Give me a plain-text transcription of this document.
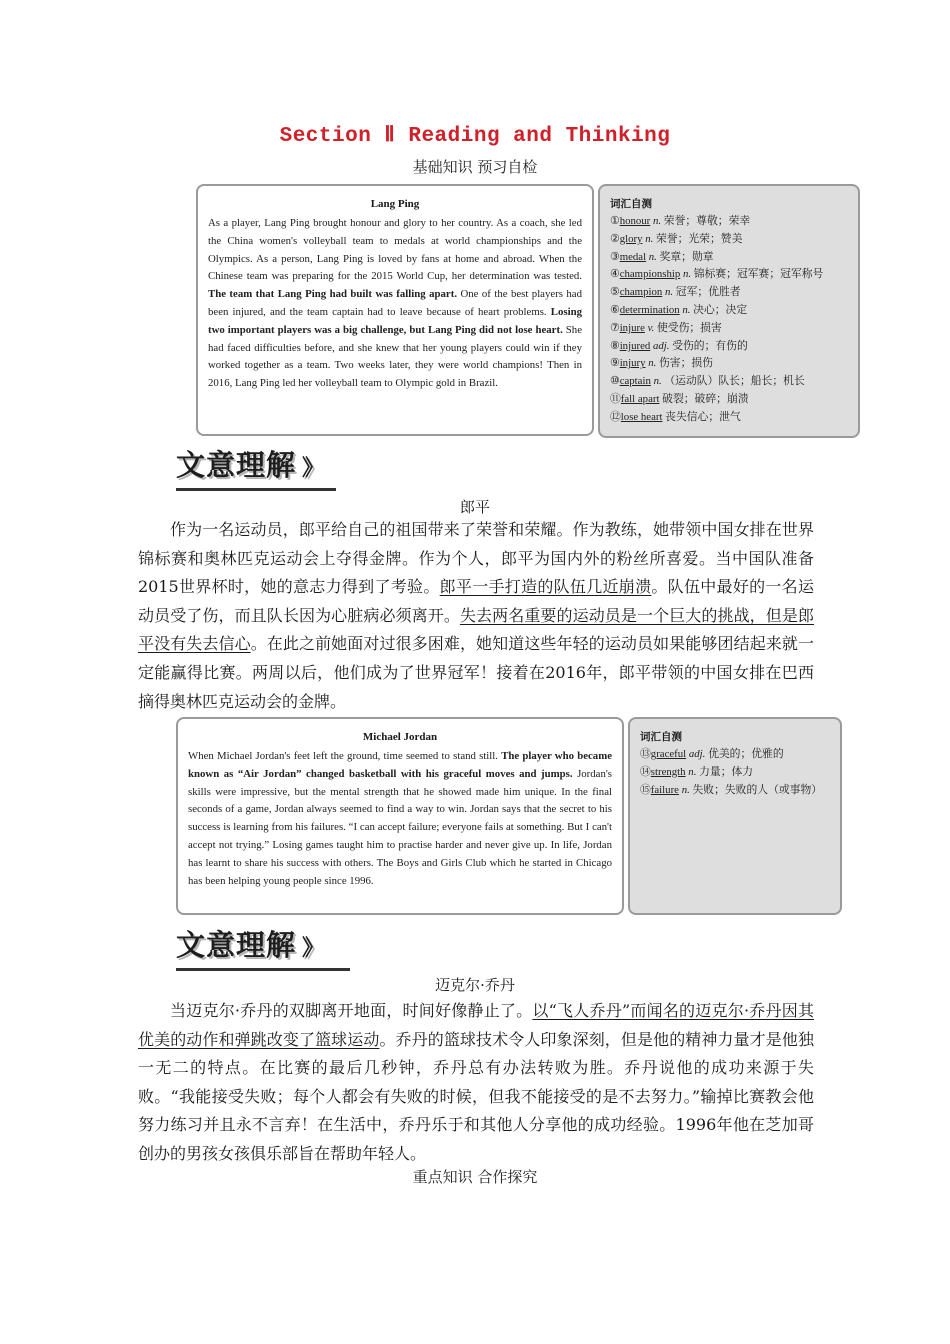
Section Ⅱ Reading and Thinking
基础知识 预习自检
Lang Ping
As a player, Lang Ping brought honour and glory to her country. As a coach, she led the China women's volleyball team to medals at world championships and the Olympics. As a person, Lang Ping is loved by fans at home and abroad. When the Chinese team was preparing for the 2015 World Cup, her determination was tested. The team that Lang Ping had built was falling apart. One of the best players had been injured, and the team captain had to leave because of heart problems. Losing two important players was a big challenge, but Lang Ping did not lose heart. She had faced difficulties before, and she knew that her young players could win if they worked together as a team. Two weeks later, they were world champions! Then in 2016, Lang Ping led her volleyball team to Olympic gold in Brazil.
词汇自测
①honour n. 荣誉；尊敬；荣幸
②glory n. 荣誉；光荣；赞美
③medal n. 奖章；勋章
④championship n. 锦标赛；冠军赛；冠军称号
⑤champion n. 冠军；优胜者
⑥determination n. 决心；决定
⑦injure v. 使受伤；损害
⑧injured adj. 受伤的；有伤的
⑨injury n. 伤害；损伤
⑩captain n. （运动队）队长；船长；机长
⑪fall apart 破裂；破碎；崩溃
⑫lose heart 丧失信心；泄气
文意理解 》
郎平
作为一名运动员，郎平给自己的祖国带来了荣誉和荣耀。作为教练，她带领中国女排在世界锦标赛和奥林匹克运动会上夺得金牌。作为个人，郎平为国内外的粉丝所喜爱。当中国队准备2015世界杯时，她的意志力得到了考验。郎平一手打造的队伍几近崩溃。队伍中最好的一名运动员受了伤，而且队长因为心脏病必须离开。失去两名重要的运动员是一个巨大的挑战，但是郎平没有失去信心。在此之前她面对过很多困难，她知道这些年轻的运动员如果能够团结起来就一定能赢得比赛。两周以后，他们成为了世界冠军！接着在2016年，郎平带领的中国女排在巴西摘得奥林匹克运动会的金牌。
Michael Jordan
When Michael Jordan's feet left the ground, time seemed to stand still. The player who became known as “Air Jordan” changed basketball with his graceful moves and jumps. Jordan's skills were impressive, but the mental strength that he showed made him unique. In the final seconds of a game, Jordan always seemed to find a way to win. Jordan says that the secret to his success is learning from his failures. “I can accept failure; everyone fails at something. But I can't accept not trying.” Losing games taught him to practise harder and never give up. In life, Jordan has learnt to share his success with others. The Boys and Girls Club which he started in Chicago has been helping young people since 1996.
词汇自测
⑬graceful adj. 优美的；优雅的
⑭strength n. 力量；体力
⑮failure n. 失败；失败的人（或事物）
文意理解 》
迈克尔·乔丹
当迈克尔·乔丹的双脚离开地面，时间好像静止了。以“飞人乔丹”而闻名的迈克尔·乔丹因其优美的动作和弹跳改变了篮球运动。乔丹的篮球技术令人印象深刻，但是他的精神力量才是他独一无二的特点。在比赛的最后几秒钟，乔丹总有办法转败为胜。乔丹说他的成功来源于失败。“我能接受失败；每个人都会有失败的时候，但我不能接受的是不去努力。”输掉比赛教会他努力练习并且永不言弃！在生活中，乔丹乐于和其他人分享他的成功经验。1996年他在芝加哥创办的男孩女孩俱乐部旨在帮助年轻人。
重点知识 合作探究
